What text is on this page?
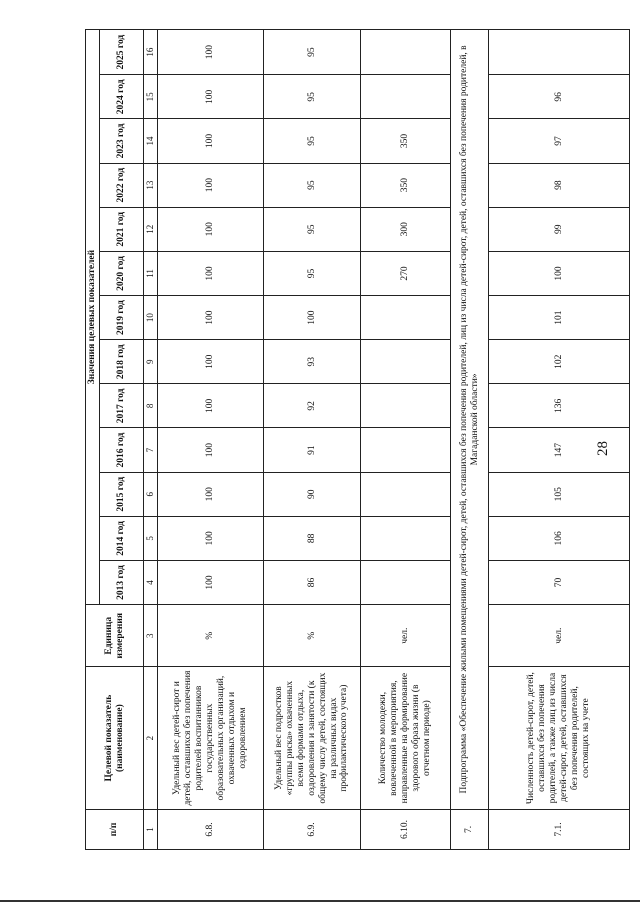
28
п/п	Целевой показатель (наименование)	Единица измерения	Значения целевых показателей												
			2013 год	2014 год	2015 год	2016 год	2017 год	2018 год	2019 год	2020 год	2021 год	2022 год	2023 год	2024 год	2025 год
1	2	3	4	5	6	7	8	9	10	11	12	13	14	15	16
6.8.	Удельный вес детей-сирот и детей, оставшихся без попечения родителей воспитанников государственных образовательных организаций, охваченных отдыхом и оздоровлением	%	100	100	100	100	100	100	100	100	100	100	100	100	100
6.9.	Удельный вес подростков «группы риска» охваченных всеми формами отдыха, оздоровления и занятости (к общему числу детей, состоящих на различных видах профилактического учета)	%	86	88	90	91	92	93	100	95	95	95	95	95	95
6.10.	Количество молодежи, вовлеченной в мероприятия, направленные на формирование здорового образа жизни (в отчетном периоде)	чел.								270	300	350	350		
7.	Подпрограмма «Обеспечение жилыми помещениями детей-сирот, детей, оставшихся без попечения родителей, лиц из числа детей-сирот, детей, оставшихся без попечения родителей, в Магаданской области»														
7.1.	Численность детей-сирот, детей, оставшихся без попечения родителей, а также лиц из числа детей-сирот, детей, оставшихся без попечения родителей, состоящих на учете	чел.	70	106	105	147	136	102	101	100	99	98	97	96	
